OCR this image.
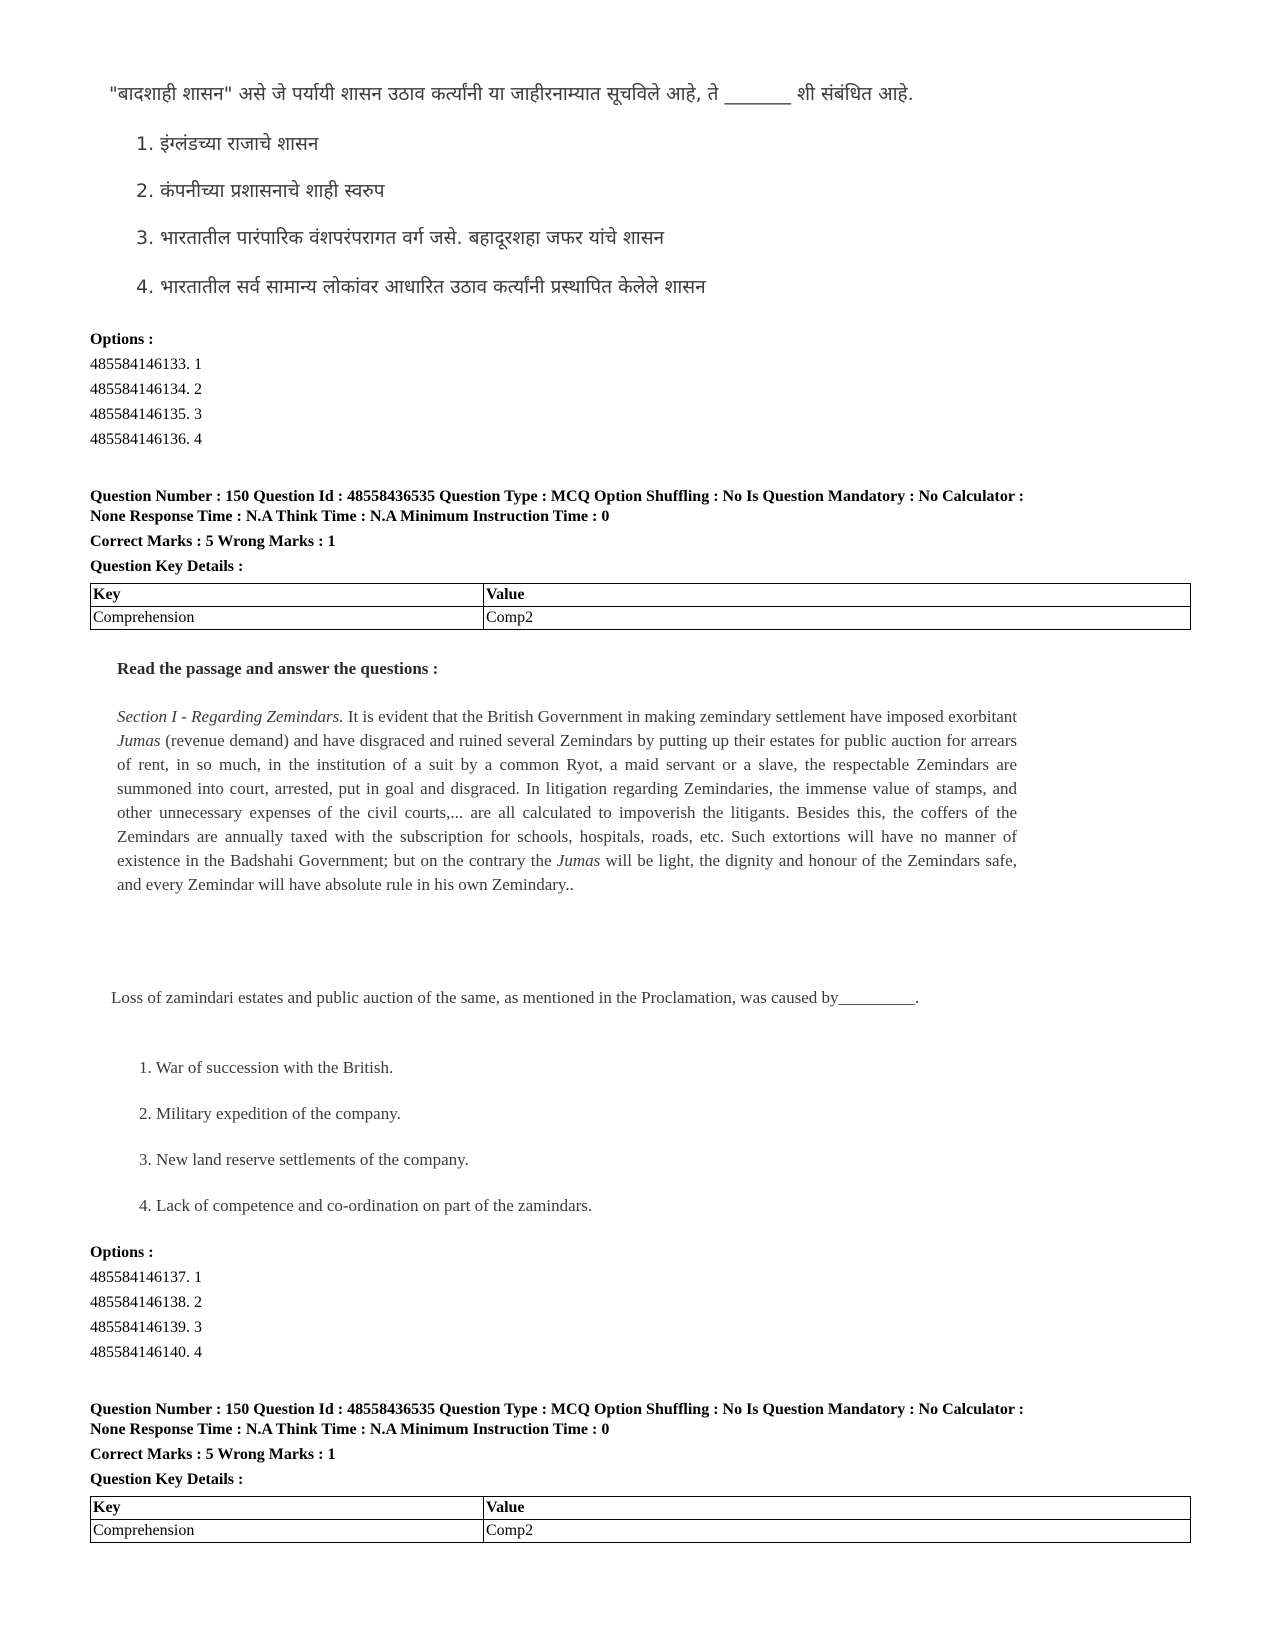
"बादशाही शासन" असे जे पर्यायी शासन उठाव कर्त्यांनी या जाहीरनाम्यात सूचविले आहे, ते _______ शी संबंधित आहे.
1. इंग्लंडच्या राजाचे शासन
2. कंपनीच्या प्रशासनाचे शाही स्वरुप
3. भारतातील पारंपारिक वंशपरंपरागत वर्ग जसे. बहादूरशहा जफर यांचे शासन
4. भारतातील सर्व सामान्य लोकांवर आधारित उठाव कर्त्यांनी प्रस्थापित केलेले शासन
Options :
485584146133. 1
485584146134. 2
485584146135. 3
485584146136. 4
Question Number : 150 Question Id : 48558436535 Question Type : MCQ Option Shuffling : No Is Question Mandatory : No Calculator :
None Response Time : N.A Think Time : N.A Minimum Instruction Time : 0
Correct Marks : 5 Wrong Marks : 1
Question Key Details :
Key	Value
Comprehension	Comp2
Read the passage and answer the questions :
Section I - Regarding Zemindars. It is evident that the British Government in making zemindary settlement have imposed exorbitant Jumas (revenue demand) and have disgraced and ruined several Zemindars by putting up their estates for public auction for arrears of rent, in so much, in the institution of a suit by a common Ryot, a maid servant or a slave, the respectable Zemindars are summoned into court, arrested, put in goal and disgraced. In litigation regarding Zemindaries, the immense value of stamps, and other unnecessary expenses of the civil courts,... are all calculated to impoverish the litigants. Besides this, the coffers of the Zemindars are annually taxed with the subscription for schools, hospitals, roads, etc. Such extortions will have no manner of existence in the Badshahi Government; but on the contrary the Jumas will be light, the dignity and honour of the Zemindars safe, and every Zemindar will have absolute rule in his own Zemindary..
Loss of zamindari estates and public auction of the same, as mentioned in the Proclamation, was caused by_________.
1. War of succession with the British.
2. Military expedition of the company.
3. New land reserve settlements of the company.
4. Lack of competence and co-ordination on part of the zamindars.
Options :
485584146137. 1
485584146138. 2
485584146139. 3
485584146140. 4
Question Number : 150 Question Id : 48558436535 Question Type : MCQ Option Shuffling : No Is Question Mandatory : No Calculator :
None Response Time : N.A Think Time : N.A Minimum Instruction Time : 0
Correct Marks : 5 Wrong Marks : 1
Question Key Details :
Key	Value
Comprehension	Comp2
